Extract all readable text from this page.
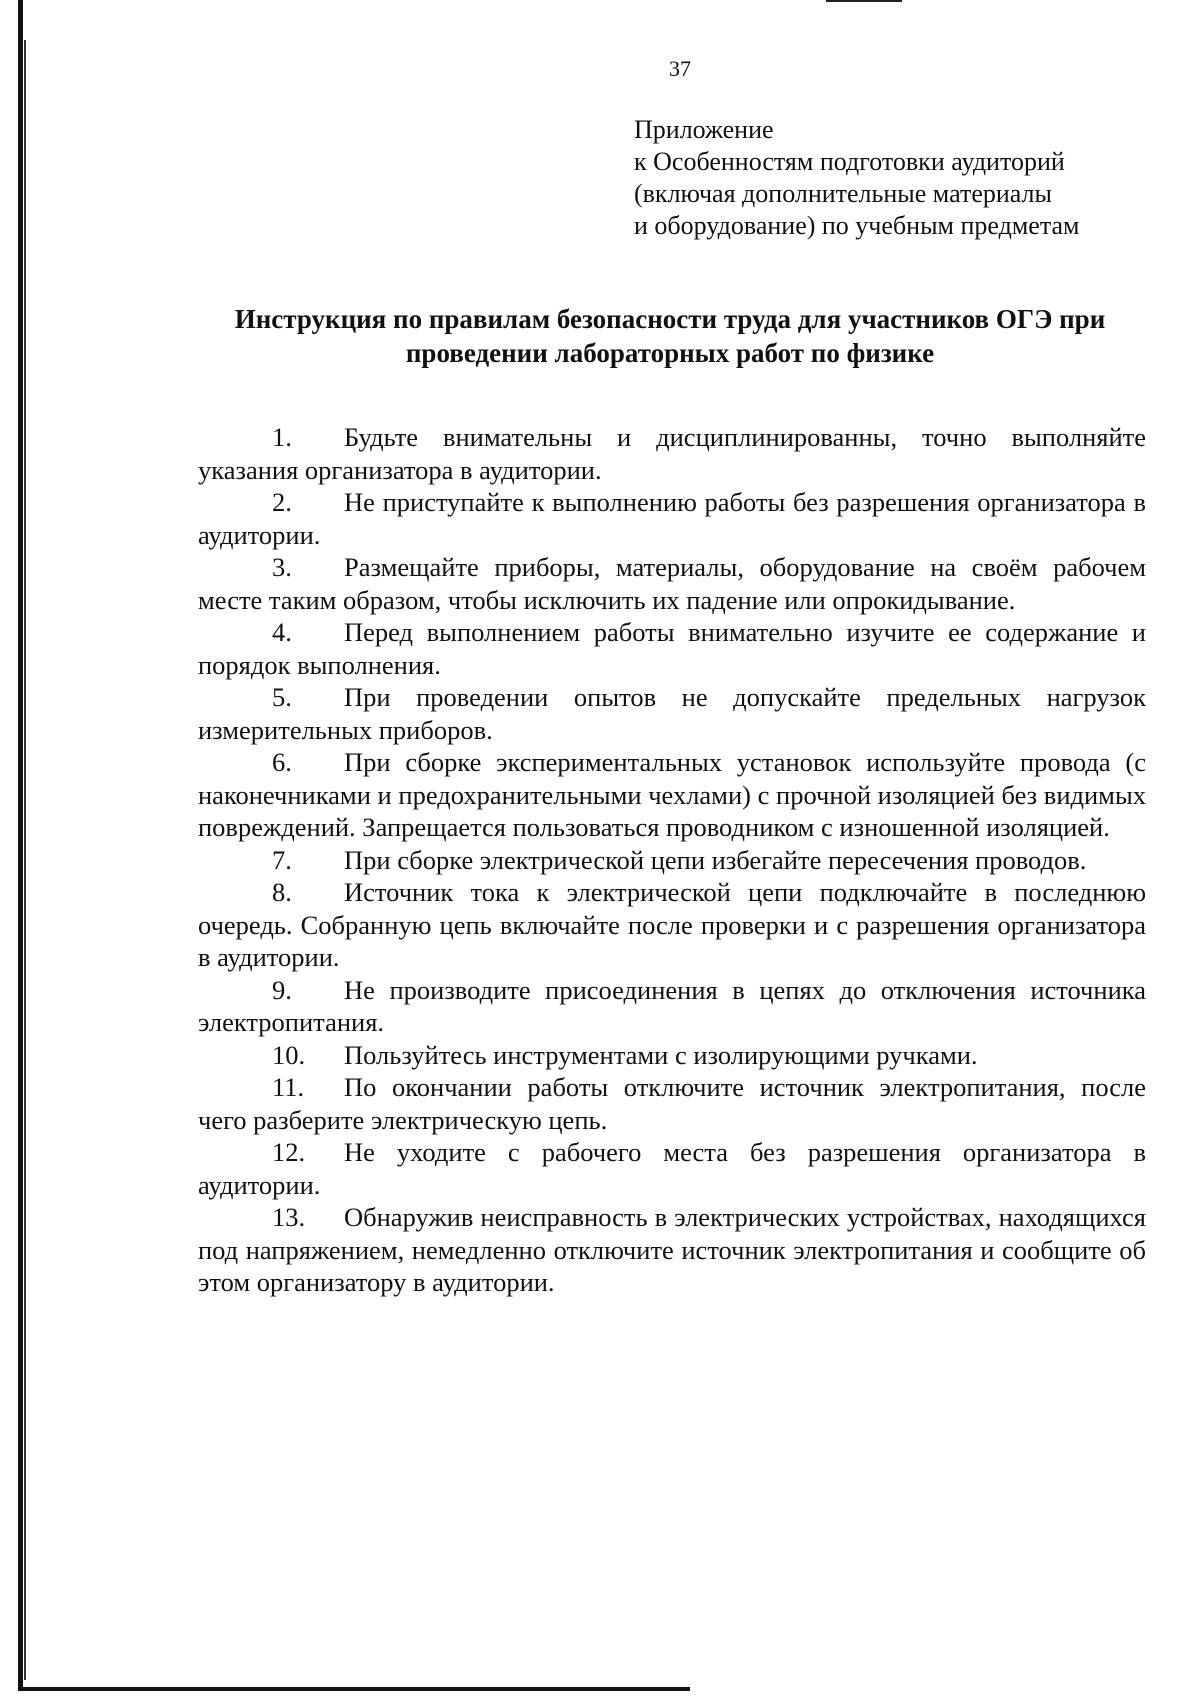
37
Приложение
к Особенностям подготовки аудиторий
(включая дополнительные материалы
и оборудование) по учебным предметам
Инструкция по правилам безопасности труда для участников ОГЭ при
проведении лабораторных работ по физике

1. Будьте внимательны и дисциплинированны, точно выполняйте указания организатора в аудитории.

2. Не приступайте к выполнению работы без разрешения организатора в аудитории.

3. Размещайте приборы, материалы, оборудование на своём рабочем месте таким образом, чтобы исключить их падение или опрокидывание.

4. Перед выполнением работы внимательно изучите ее содержание и порядок выполнения.

5. При проведении опытов не допускайте предельных нагрузок измерительных приборов.

6. При сборке экспериментальных установок используйте провода (с наконечниками и предохранительными чехлами) с прочной изоляцией без видимых повреждений. Запрещается пользоваться проводником с изношенной изоляцией.

7. При сборке электрической цепи избегайте пересечения проводов.

8. Источник тока к электрической цепи подключайте в последнюю очередь. Собранную цепь включайте после проверки и с разрешения организатора в аудитории.

9. Не производите присоединения в цепях до отключения источника электропитания.

10. Пользуйтесь инструментами с изолирующими ручками.

11. По окончании работы отключите источник электропитания, после чего разберите электрическую цепь.

12. Не уходите с рабочего места без разрешения организатора в аудитории.

13. Обнаружив неисправность в электрических устройствах, находящихся под напряжением, немедленно отключите источник электропитания и сообщите об этом организатору в аудитории.
